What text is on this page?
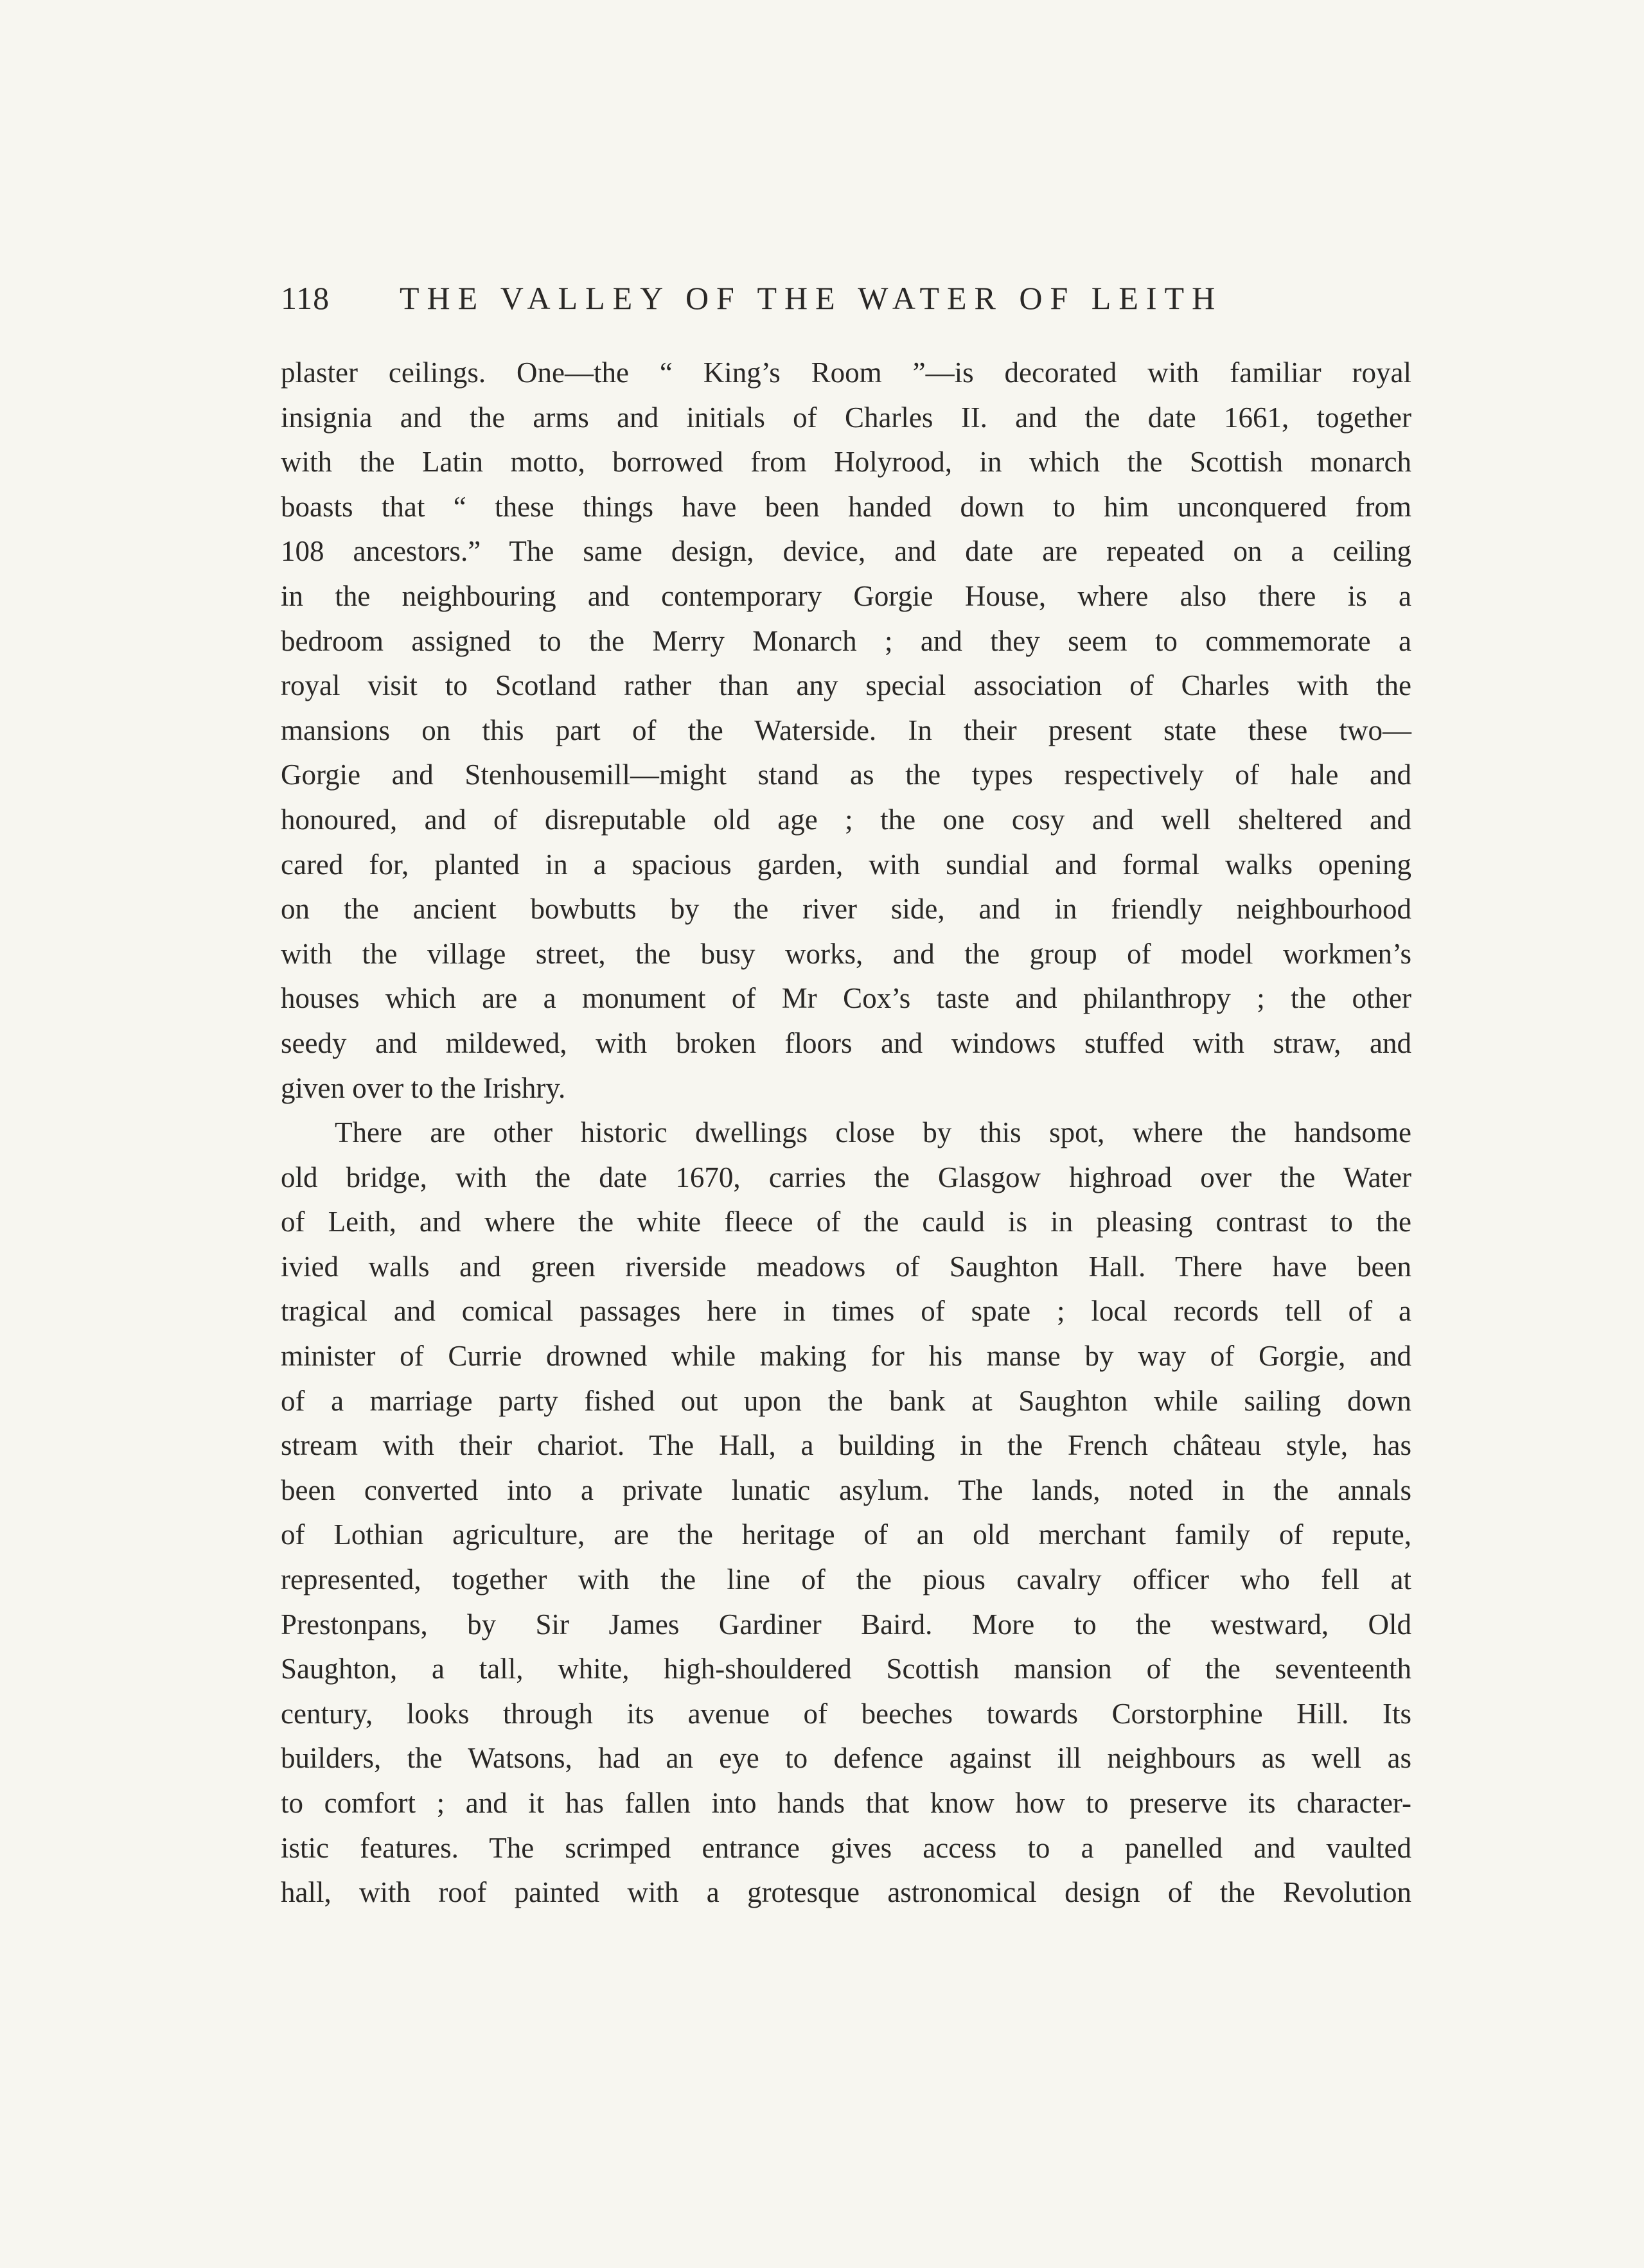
118 THE VALLEY OF THE WATER OF LEITH
plaster ceilings. One—the “ King’s Room ”—is decorated with familiar royal
insignia and the arms and initials of Charles II. and the date 1661, together
with the Latin motto, borrowed from Holyrood, in which the Scottish monarch
boasts that “ these things have been handed down to him unconquered from
108 ancestors.” The same design, device, and date are repeated on a ceiling
in the neighbouring and contemporary Gorgie House, where also there is a
bedroom assigned to the Merry Monarch ; and they seem to commemorate a
royal visit to Scotland rather than any special association of Charles with the
mansions on this part of the Waterside. In their present state these two—
Gorgie and Stenhousemill—might stand as the types respectively of hale and
honoured, and of disreputable old age ; the one cosy and well sheltered and
cared for, planted in a spacious garden, with sundial and formal walks opening
on the ancient bowbutts by the river side, and in friendly neighbourhood
with the village street, the busy works, and the group of model workmen’s
houses which are a monument of Mr Cox’s taste and philanthropy ; the other
seedy and mildewed, with broken floors and windows stuffed with straw, and
given over to the Irishry.
There are other historic dwellings close by this spot, where the handsome
old bridge, with the date 1670, carries the Glasgow highroad over the Water
of Leith, and where the white fleece of the cauld is in pleasing contrast to the
ivied walls and green riverside meadows of Saughton Hall. There have been
tragical and comical passages here in times of spate ; local records tell of a
minister of Currie drowned while making for his manse by way of Gorgie, and
of a marriage party fished out upon the bank at Saughton while sailing down
stream with their chariot. The Hall, a building in the French château style, has
been converted into a private lunatic asylum. The lands, noted in the annals
of Lothian agriculture, are the heritage of an old merchant family of repute,
represented, together with the line of the pious cavalry officer who fell at
Prestonpans, by Sir James Gardiner Baird. More to the westward, Old
Saughton, a tall, white, high-shouldered Scottish mansion of the seventeenth
century, looks through its avenue of beeches towards Corstorphine Hill. Its
builders, the Watsons, had an eye to defence against ill neighbours as well as
to comfort ; and it has fallen into hands that know how to preserve its character-
istic features. The scrimped entrance gives access to a panelled and vaulted
hall, with roof painted with a grotesque astronomical design of the Revolution
